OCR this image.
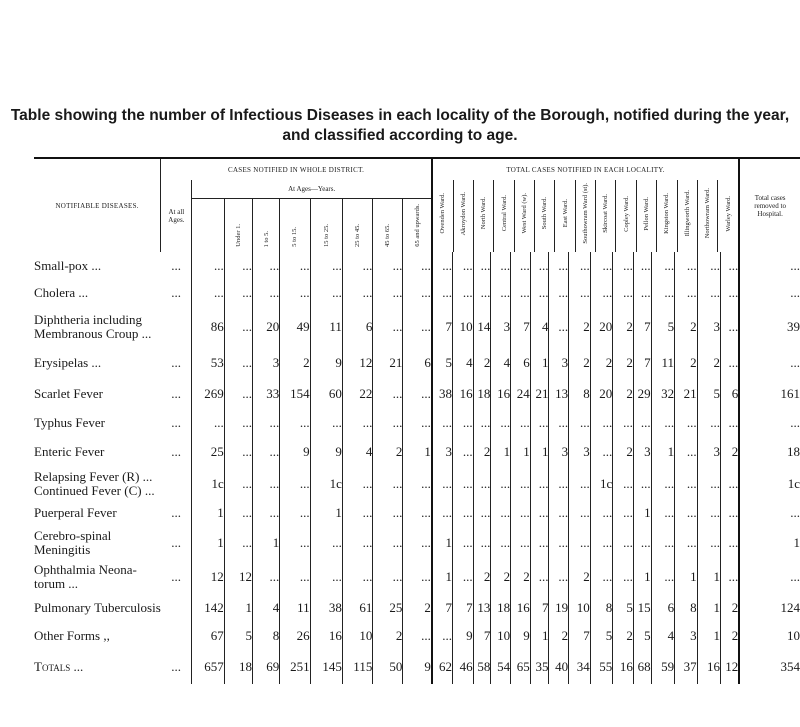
Table showing the number of Infectious Diseases in each locality of the Borough, notified during the year,
and classified according to age.
NOTIFIABLE DISEASES.	CASES NOTIFIED IN WHOLE DISTRICT.	TOTAL CASES NOTIFIED IN EACH LOCALITY.	Total cases removed to Hospital.
At all Ages.	At Ages—Years.	
Ovenden Ward.	Akroydon Ward.	North Ward.	Central Ward.	West Ward (w).	South Ward.	East Ward.	Southowram Ward (st).	Skircoat Ward.	Copley Ward.	Pellon Ward.	Kingston Ward.	Illingworth Ward.	Northowram Ward.	Warley Ward.

	Under 1.	1 to 5.	5 to 15.	15 to 25.	25 to 45.	45 to 65.	65 and upwards.

Small-pox ...	...	...	...	...	...	...	...	...	...	...	...	...	...	...	...	...	...	...	...	...	...	...	...	...	...

Cholera ...	...	...	...	...	...	...	...	...	...	...	...	...	...	...	...	...	...	...	...	...	...	...	...	...	...

Diphtheria including
Membranous Croup ...		86	...	20	49	11	6	...	...	7	10	14	3	7	4	...	2	20	2	7	5	2	3	...	39

Erysipelas ...	...	53	...	3	2	9	12	21	6	5	4	2	4	6	1	3	2	2	2	7	11	2	2	...	...

Scarlet Fever	...	269	...	33	154	60	22	...	...	38	16	18	16	24	21	13	8	20	2	29	32	21	5	6	161

Typhus Fever	...	...	...	...	...	...	...	...	...	...	...	...	...	...	...	...	...	...	...	...	...	...	...	...	...

Enteric Fever	...	25	...	...	9	9	4	2	1	3	...	2	1	1	1	3	3	...	2	3	1	...	3	2	18

Relapsing Fever (R) ...
Continued Fever (C) ...		1c	...	...	...	1c	...	...	...	...	...	...	...	...	...	...	...	1c	...	...	...	...	...	...	1c

Puerperal Fever	...	1	...	...	...	1	...	...	...	...	...	...	...	...	...	...	...	...	...	1	...	...	...	...	...

Cerebro-spinal
Meningitis	...	1	...	1	...	...	...	...	...	1	...	...	...	...	...	...	...	...	...	...	...	...	...	...	1

Ophthalmia Neona-
torum ...	...	12	12	...	...	...	...	...	...	1	...	2	2	2	...	...	2	...	...	1	...	1	1	...	...

Pulmonary Tuberculosis		142	1	4	11	38	61	25	2	7	7	13	18	16	7	19	10	8	5	15	6	8	1	2	124

Other Forms ,,		67	5	8	26	16	10	2	...	...	9	7	10	9	1	2	7	5	2	5	4	3	1	2	10

Totals ...	...	657	18	69	251	145	115	50	9	62	46	58	54	65	35	40	34	55	16	68	59	37	16	12	354
